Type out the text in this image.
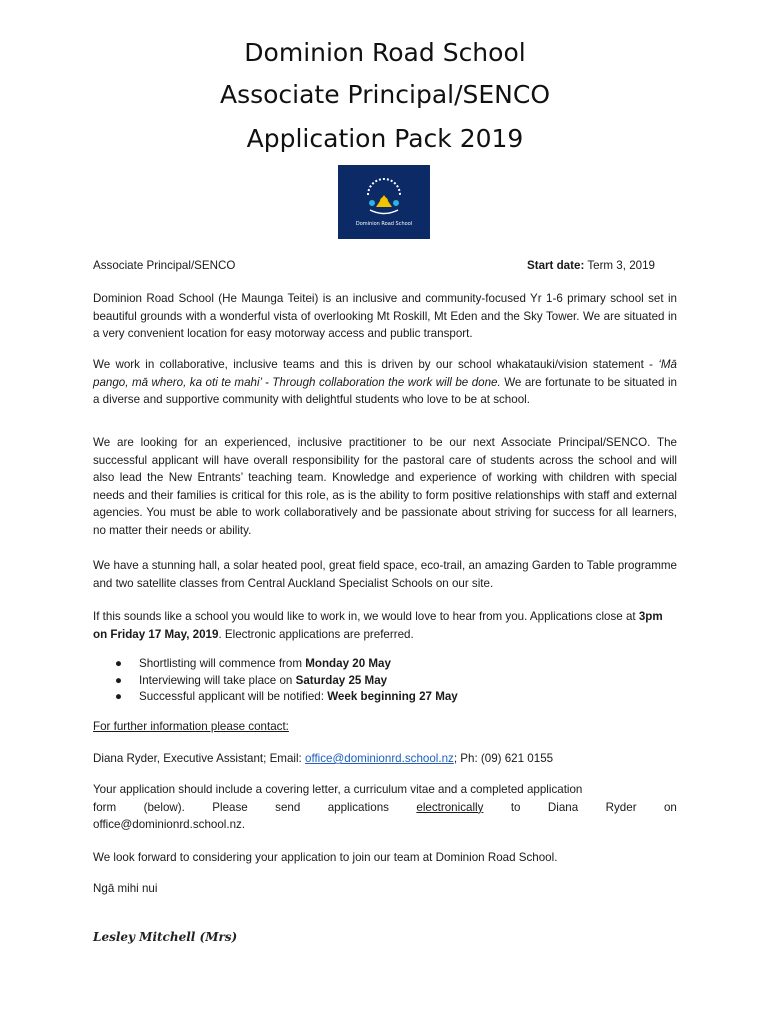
Dominion Road School
Associate Principal/SENCO
Application Pack 2019
Dominion Road School
Associate Principal/SENCO	Start date: Term 3, 2019

Dominion Road School (He Maunga Teitei) is an inclusive and community-focused Yr 1-6 primary school set in beautiful grounds with a wonderful vista of overlooking Mt Roskill, Mt Eden and the Sky Tower. We are situated in a very convenient location for easy motorway access and public transport.

We work in collaborative, inclusive teams and this is driven by our school whakatauki/vision statement - ‘Mā pango, mā whero, ka oti te mahi’ - Through collaboration the work will be done. We are fortunate to be situated in a diverse and supportive community with delightful students who love to be at school.

We are looking for an experienced, inclusive practitioner to be our next Associate Principal/SENCO. The successful applicant will have overall responsibility for the pastoral care of students across the school and will also lead the New Entrants’ teaching team. Knowledge and experience of working with children with special needs and their families is critical for this role, as is the ability to form positive relationships with staff and external agencies. You must be able to work collaboratively and be passionate about striving for success for all learners, no matter their needs or ability.

We have a stunning hall, a solar heated pool, great field space, eco-trail, an amazing Garden to Table programme and two satellite classes from Central Auckland Specialist Schools on our site.

If this sounds like a school you would like to work in, we would love to hear from you. Applications close at 3pm on Friday 17 May, 2019. Electronic applications are preferred.

● Shortlisting will commence from Monday 20 May
● Interviewing will take place on Saturday 25 May
● Successful applicant will be notified: Week beginning 27 May

For further information please contact:

Diana Ryder, Executive Assistant; Email: office@dominionrd.school.nz; Ph: (09) 621 0155

Your application should include a covering letter, a curriculum vitae and a completed application

form (below). Please send applications electronically to Diana Ryder on

office@dominionrd.school.nz.

We look forward to considering your application to join our team at Dominion Road School.

Ngā mihi nui

Lesley Mitchell (Mrs)
